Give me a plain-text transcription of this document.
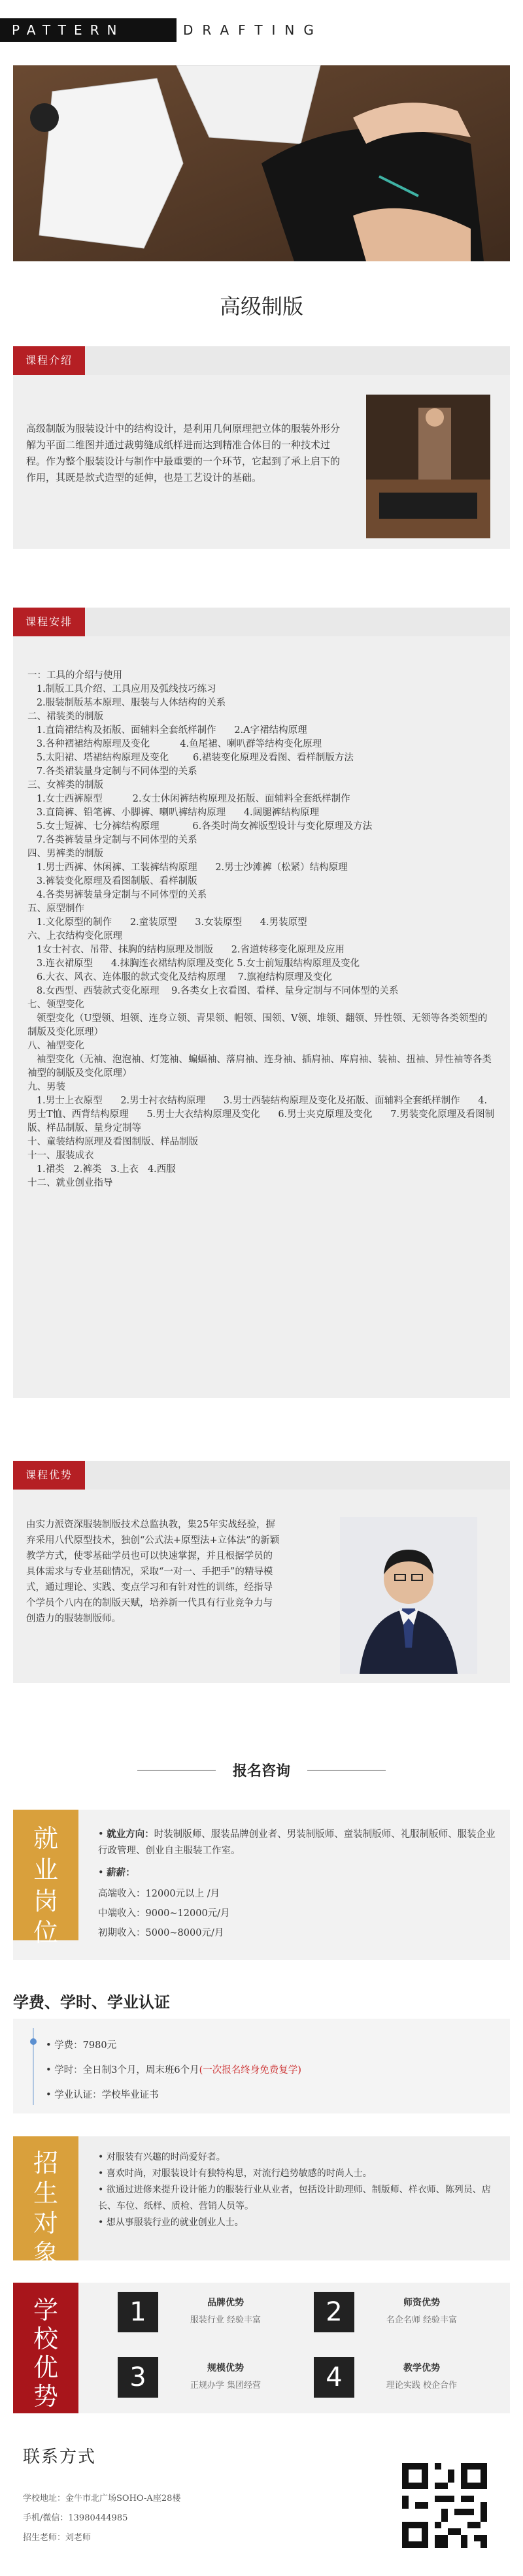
PATTERN	DRAFTING
高级制版
课程介绍
高级制版为服装设计中的结构设计，是利用几何原理把立体的服装外形分解为平面二维图并通过裁剪缝成纸样进而达到精准合体目的一种技术过程。作为整个服装设计与制作中最重要的一个环节，它起到了承上启下的作用，其既是款式造型的延伸，也是工艺设计的基础。
课程安排
一：工具的介绍与使用
1.制版工具介绍、工具应用及弧线技巧练习
2.服装制版基本原理、服装与人体结构的关系
二、裙装类的制版
1.直筒裙结构及拓版、面辅料全套纸样制作      2.A字裙结构原理
3.各种褶裙结构原理及变化          4.鱼尾裙、喇叭群等结构变化原理
5.太阳裙、塔裙结构原理及变化        6.裙装变化原理及看图、看样制版方法
7.各类裙装量身定制与不同体型的关系
三、女裤类的制版
1.女士西裤原型          2.女士休闲裤结构原理及拓版、面辅料全套纸样制作
3.直筒裤、铅笔裤、小脚裤、喇叭裤结构原理      4.阔腿裤结构原理
5.女士短裤、七分裤结构原理           6.各类时尚女裤版型设计与变化原理及方法
7.各类裤装量身定制与不同体型的关系
四、男裤类的制版
1.男士西裤、休闲裤、工装裤结构原理      2.男士沙滩裤（松紧）结构原理
3.裤装变化原理及看图制版、看样制版
4.各类男裤装量身定制与不同体型的关系
五、原型制作
1.文化原型的制作      2.童装原型      3.女装原型      4.男装原型
六、上衣结构变化原理
1女士衬衣、吊带、抹胸的结构原理及制版      2.省道转移变化原理及应用
3.连衣裙原型      4.抹胸连衣裙结构原理及变化 5.女士前短服结构原理及变化
6.大衣、风衣、连体服的款式变化及结构原理    7.旗袍结构原理及变化
8.女西型、西装款式变化原理    9.各类女上衣看图、看样、量身定制与不同体型的关系
七、领型变化
领型变化（U型领、坦领、连身立领、青果领、帽领、围领、V领、堆领、翻领、异性领、无领等各类领型的制版及变化原理）
八、袖型变化
袖型变化（无袖、泡泡袖、灯笼袖、蝙蝠袖、落肩袖、连身袖、插肩袖、库肩袖、装袖、扭袖、异性袖等各类袖型的制版及变化原理）
九、男装
1.男士上衣原型      2.男士衬衣结构原理      3.男士西装结构原理及变化及拓版、面辅料全套纸样制作      4.男士T恤、西背结构原理      5.男士大衣结构原理及变化      6.男士夹克原理及变化      7.男装变化原理及看图制版、样品制版、量身定制等
十、童装结构原理及看图制版、样品制版
十一、服装成衣
1.裙类   2.裤类   3.上衣   4.西服
十二、就业创业指导
课程优势
由实力派资深服装制版技术总监执教，集25年实战经验，摒弃采用八代原型技术，独创“公式法+原型法+立体法”的新颖教学方式，使零基础学员也可以快速掌握，并且根据学员的具体需求与专业基础情况，采取“一对一、手把手”的精导模式，通过理论、实践、变点学习和有针对性的训练，经指导个学员个八内在的制版天赋，培养新一代具有行业竞争力与创造力的服装制版师。
报名咨询
就业岗位
• 就业方向：时装制版师、服装品牌创业者、男装制版师、童装制版师、礼服制版师、服装企业行政管理、创业自主服装工作室。
• 薪薪：
高端收入：12000元以上 /月
中端收入：9000~12000元/月
初期收入：5000~8000元/月
学费、学时、学业认证
• 学费：7980元
• 学时：全日制3个月，周末班6个月(一次报名终身免费复学)
• 学业认证：学校毕业证书
招生对象
• 对服装有兴趣的时尚爱好者。
• 喜欢时尚，对服装设计有独特构思，对流行趋势敏感的时尚人士。
• 欲通过进修来提升设计能力的服装行业从业者，包括设计助理师、制版师、样衣师、陈列员、店长、车位、纸样、质检、营销人员等。
• 想从事服装行业的就业创业人士。
学校优势
1	品牌优势
服装行业 经验丰富	2	师资优势
名企名师 经验丰富
3	规模优势
正规办学 集团经营	4	教学优势
理论实践 校企合作
联系方式
学校地址：金牛市北广场SOHO-A座28楼
手机/微信：13980444985
招生老师：刘老师
